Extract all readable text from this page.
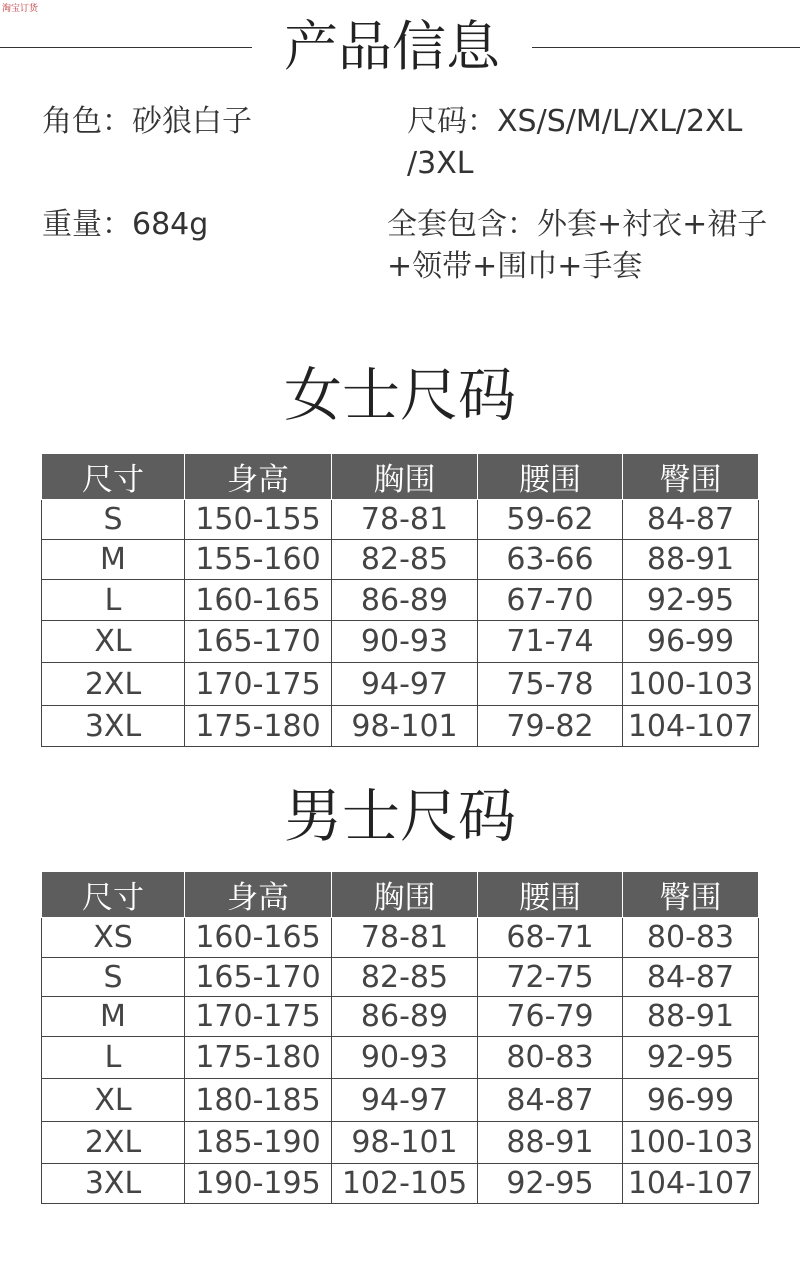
淘宝订货
产品信息
角色：砂狼白子	尺码：XS/S/M/L/XL/2XL
/3XL
重量：684g	全套包含：外套+衬衣+裙子
+领带+围巾+手套
女士尺码
尺寸	身高	胸围	腰围	臀围
S	150-155	78-81	59-62	84-87
M	155-160	82-85	63-66	88-91
L	160-165	86-89	67-70	92-95
XL	165-170	90-93	71-74	96-99
2XL	170-175	94-97	75-78	100-103
3XL	175-180	98-101	79-82	104-107
男士尺码
尺寸	身高	胸围	腰围	臀围
XS	160-165	78-81	68-71	80-83
S	165-170	82-85	72-75	84-87
M	170-175	86-89	76-79	88-91
L	175-180	90-93	80-83	92-95
XL	180-185	94-97	84-87	96-99
2XL	185-190	98-101	88-91	100-103
3XL	190-195	102-105	92-95	104-107
